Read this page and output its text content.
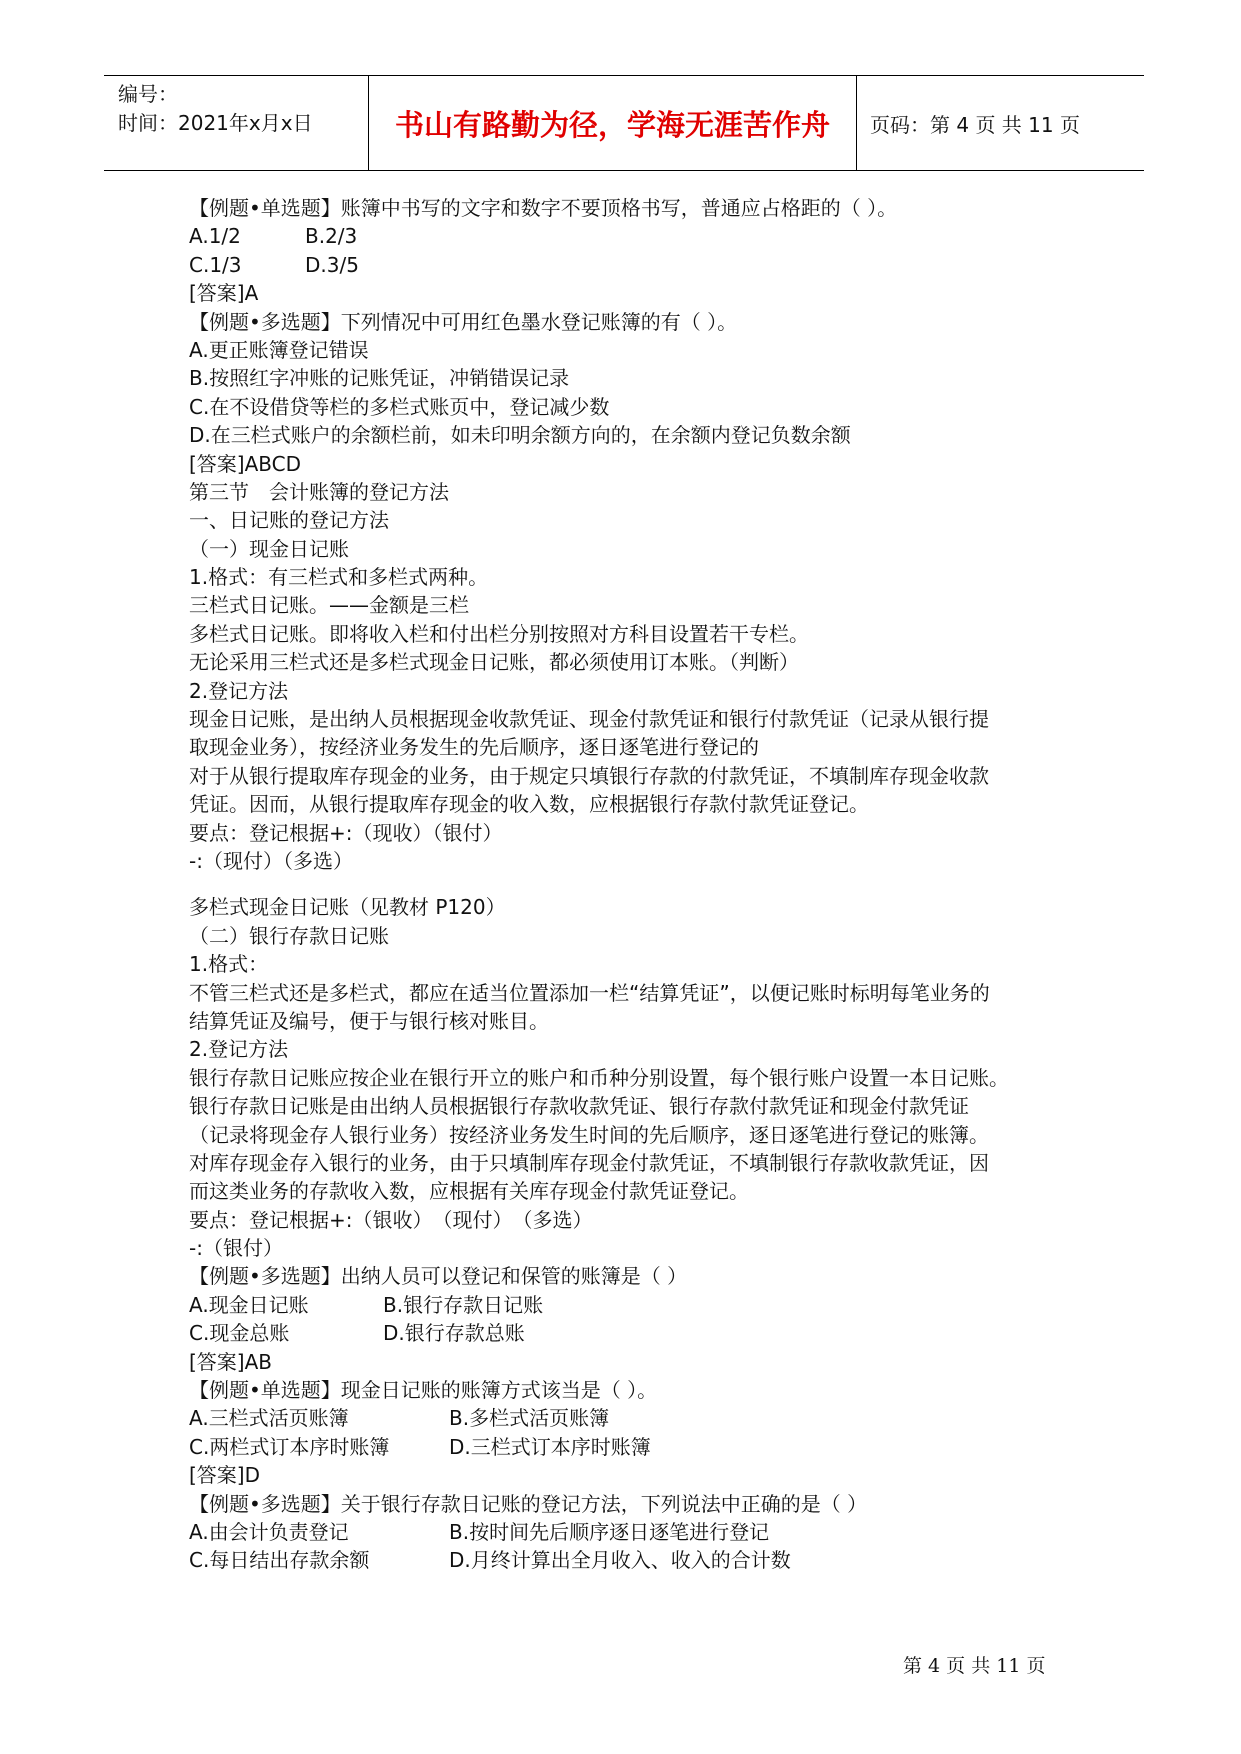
编号：
时间：2021年x月x日	书山有路勤为径，学海无涯苦作舟	页码：第 4 页 共 11 页
【例题•单选题】账簿中书写的文字和数字不要顶格书写，普通应占格距的（ ）。
A.1/2	B.2/3
C.1/3	D.3/5
[答案]A
【例题•多选题】下列情况中可用红色墨水登记账簿的有（ ）。
A.更正账簿登记错误
B.按照红字冲账的记账凭证，冲销错误记录
C.在不设借贷等栏的多栏式账页中，登记减少数
D.在三栏式账户的余额栏前，如未印明余额方向的，在余额内登记负数余额
[答案]ABCD
第三节　会计账簿的登记方法
一、日记账的登记方法
（一）现金日记账
1.格式：有三栏式和多栏式两种。
三栏式日记账。——金额是三栏
多栏式日记账。即将收入栏和付出栏分别按照对方科目设置若干专栏。
无论采用三栏式还是多栏式现金日记账，都必须使用订本账。（判断）
2.登记方法
现金日记账，是出纳人员根据现金收款凭证、现金付款凭证和银行付款凭证（记录从银行提
取现金业务），按经济业务发生的先后顺序，逐日逐笔进行登记的
对于从银行提取库存现金的业务，由于规定只填银行存款的付款凭证，不填制库存现金收款
凭证。因而，从银行提取库存现金的收入数，应根据银行存款付款凭证登记。
要点：登记根据+:（现收）（银付）
-:（现付）（多选）
多栏式现金日记账（见教材 P120）
（二）银行存款日记账
1.格式：
不管三栏式还是多栏式，都应在适当位置添加一栏“结算凭证”，以便记账时标明每笔业务的
结算凭证及编号，便于与银行核对账目。
2.登记方法
银行存款日记账应按企业在银行开立的账户和币种分别设置，每个银行账户设置一本日记账。
银行存款日记账是由出纳人员根据银行存款收款凭证、银行存款付款凭证和现金付款凭证
（记录将现金存人银行业务）按经济业务发生时间的先后顺序，逐日逐笔进行登记的账簿。
对库存现金存入银行的业务，由于只填制库存现金付款凭证，不填制银行存款收款凭证，因
而这类业务的存款收入数，应根据有关库存现金付款凭证登记。
要点：登记根据+:（银收）　（现付）　（多选）
-:（银付）
【例题•多选题】出纳人员可以登记和保管的账簿是（ ）
A.现金日记账	B.银行存款日记账
C.现金总账	D.银行存款总账
[答案]AB
【例题•单选题】现金日记账的账簿方式该当是（ ）。
A.三栏式活页账簿	B.多栏式活页账簿
C.两栏式订本序时账簿	D.三栏式订本序时账簿
[答案]D
【例题•多选题】关于银行存款日记账的登记方法，下列说法中正确的是（ ）
A.由会计负责登记	B.按时间先后顺序逐日逐笔进行登记
C.每日结出存款余额	D.月终计算出全月收入、收入的合计数
第 4 页 共 11 页
